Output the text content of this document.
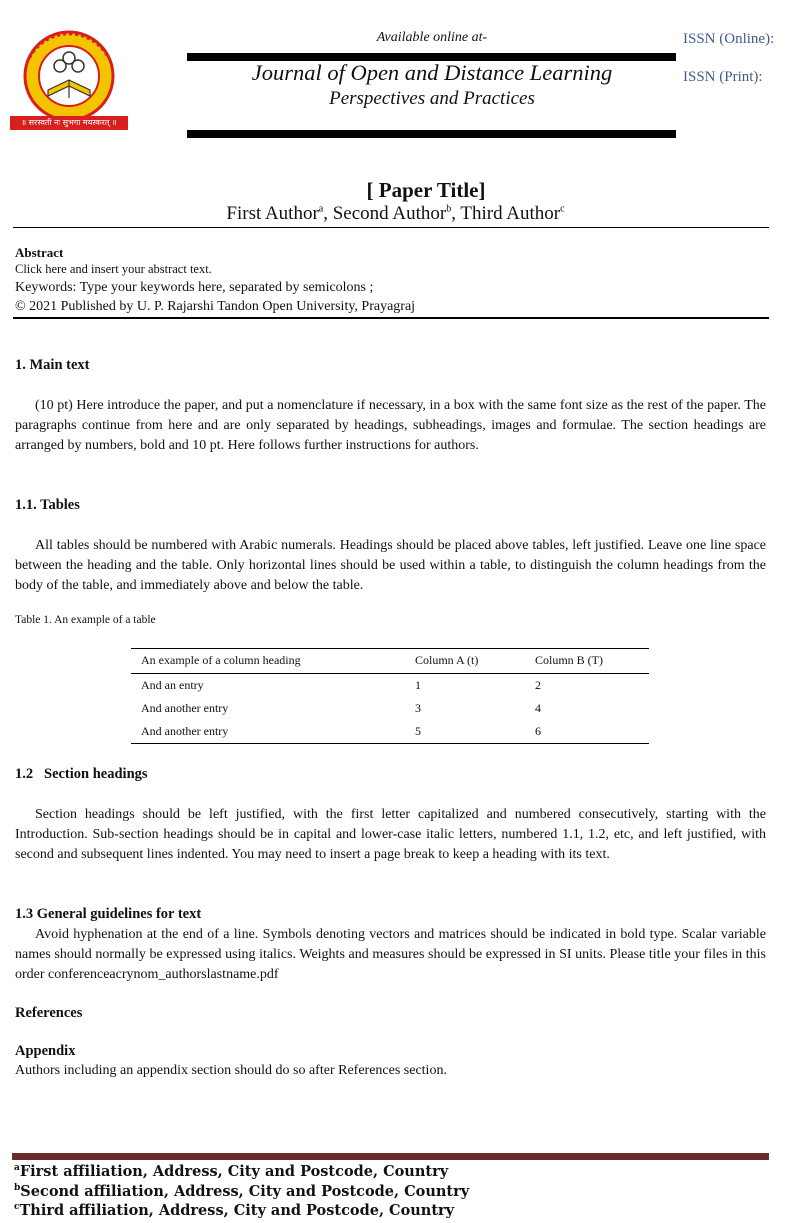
॥ सरस्वती नः सुभगा मयस्करत् ॥
Available online at-
Journal of Open and Distance Learning
Perspectives and Practices
ISSN (Online):
ISSN (Print):
[ Paper Title]
First Author$^a$, Second Author$^b$, Third Author$^c$
Abstract
Click here and insert your abstract text.
Keywords: Type your keywords here, separated by semicolons ;
© 2021 Published by U. P. Rajarshi Tandon Open University, Prayagraj
1. Main text
(10 pt) Here introduce the paper, and put a nomenclature if necessary, in a box with the same font size as the rest of the paper. The paragraphs continue from here and are only separated by headings, subheadings, images and formulae. The section headings are arranged by numbers, bold and 10 pt. Here follows further instructions for authors.
1.1. Tables
All tables should be numbered with Arabic numerals. Headings should be placed above tables, left justified. Leave one line space between the heading and the table. Only horizontal lines should be used within a table, to distinguish the column headings from the body of the table, and immediately above and below the table.
Table 1. An example of a table
An example of a column heading	Column A (t)	Column B (T)
And an entry	1	2
And another entry	3	4
And another entry	5	6
1.2   Section headings
Section headings should be left justified, with the first letter capitalized and numbered consecutively, starting with the Introduction. Sub-section headings should be in capital and lower-case italic letters, numbered 1.1, 1.2, etc, and left justified, with second and subsequent lines indented. You may need to insert a page break to keep a heading with its text.
1.3 General guidelines for text
Avoid hyphenation at the end of a line. Symbols denoting vectors and matrices should be indicated in bold type. Scalar variable names should normally be expressed using italics. Weights and measures should be expressed in SI units. Please title your files in this order conferenceacrynom_authorslastname.pdf
References
Appendix
Authors including an appendix section should do so after References section.
$^a$First affiliation, Address, City and Postcode, Country
$^b$Second affiliation, Address, City and Postcode, Country
$^c$Third affiliation, Address, City and Postcode, Country
